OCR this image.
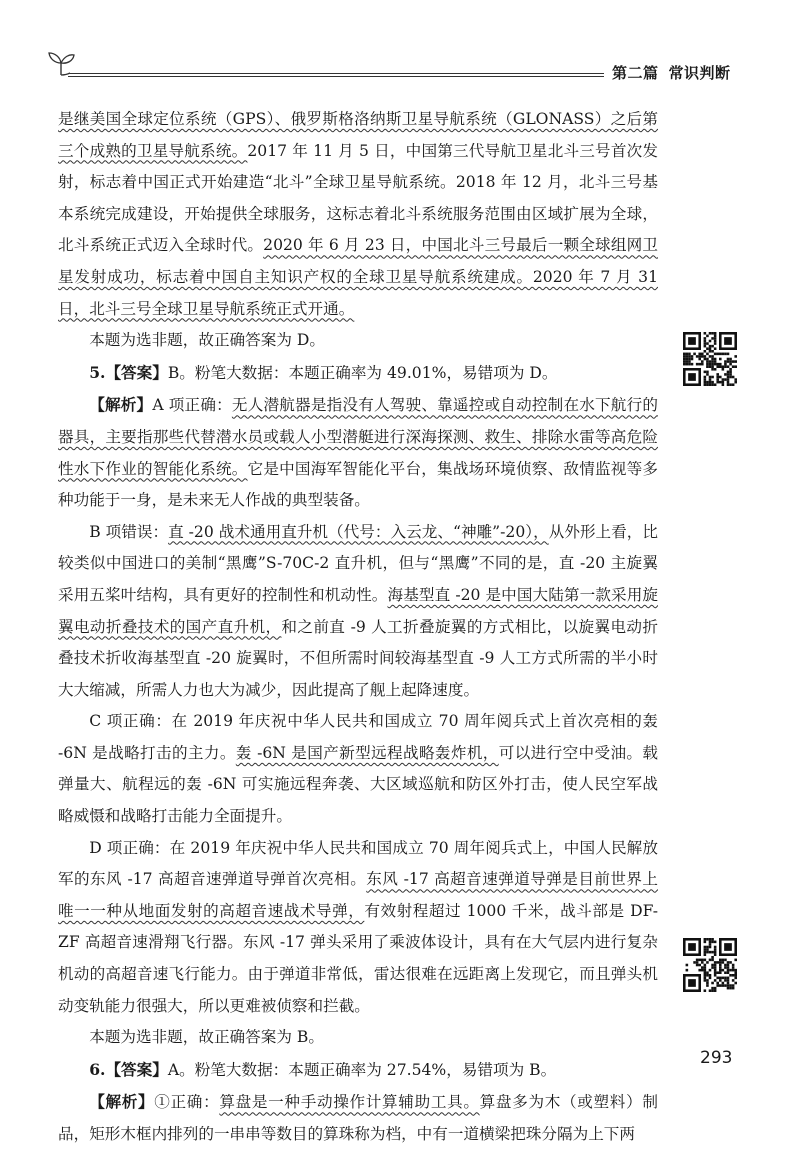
第二篇 常识判断

是继美国全球定位系统（GPS）、俄罗斯格洛纳斯卫星导航系统（GLONASS）之后第三个成熟的卫星导航系统。2017 年 11 月 5 日，中国第三代导航卫星北斗三号首次发射，标志着中国正式开始建造“北斗”全球卫星导航系统。2018 年 12 月，北斗三号基本系统完成建设，开始提供全球服务，这标志着北斗系统服务范围由区域扩展为全球，北斗系统正式迈入全球时代。2020 年 6 月 23 日，中国北斗三号最后一颗全球组网卫星发射成功，标志着中国自主知识产权的全球卫星导航系统建成。2020 年 7 月 31 日，北斗三号全球卫星导航系统正式开通。

本题为选非题，故正确答案为 D。

5.【答案】B。粉笔大数据：本题正确率为 49.01%，易错项为 D。

【解析】A 项正确：无人潜航器是指没有人驾驶、靠遥控或自动控制在水下航行的器具，主要指那些代替潜水员或载人小型潜艇进行深海探测、救生、排除水雷等高危险性水下作业的智能化系统。它是中国海军智能化平台，集战场环境侦察、敌情监视等多种功能于一身，是未来无人作战的典型装备。

B 项错误：直 -20 战术通用直升机（代号：入云龙、“神雕”-20），从外形上看，比较类似中国进口的美制“黑鹰”S-70C-2 直升机，但与“黑鹰”不同的是，直 -20 主旋翼采用五桨叶结构，具有更好的控制性和机动性。海基型直 -20 是中国大陆第一款采用旋翼电动折叠技术的国产直升机，和之前直 -9 人工折叠旋翼的方式相比，以旋翼电动折叠技术折收海基型直 -20 旋翼时，不但所需时间较海基型直 -9 人工方式所需的半小时大大缩减，所需人力也大为减少，因此提高了舰上起降速度。

C 项正确：在 2019 年庆祝中华人民共和国成立 70 周年阅兵式上首次亮相的轰 -6N 是战略打击的主力。轰 -6N 是国产新型远程战略轰炸机，可以进行空中受油。载弹量大、航程远的轰 -6N 可实施远程奔袭、大区域巡航和防区外打击，使人民空军战略威慑和战略打击能力全面提升。

D 项正确：在 2019 年庆祝中华人民共和国成立 70 周年阅兵式上，中国人民解放军的东风 -17 高超音速弹道导弹首次亮相。东风 -17 高超音速弹道导弹是目前世界上唯一一种从地面发射的高超音速战术导弹，有效射程超过 1000 千米，战斗部是 DF-ZF 高超音速滑翔飞行器。东风 -17 弹头采用了乘波体设计，具有在大气层内进行复杂机动的高超音速飞行能力。由于弹道非常低，雷达很难在远距离上发现它，而且弹头机动变轨能力很强大，所以更难被侦察和拦截。

本题为选非题，故正确答案为 B。

6.【答案】A。粉笔大数据：本题正确率为 27.54%，易错项为 B。

【解析】①正确：算盘是一种手动操作计算辅助工具。算盘多为木（或塑料）制品，矩形木框内排列的一串串等数目的算珠称为档，中有一道横梁把珠分隔为上下两

293
